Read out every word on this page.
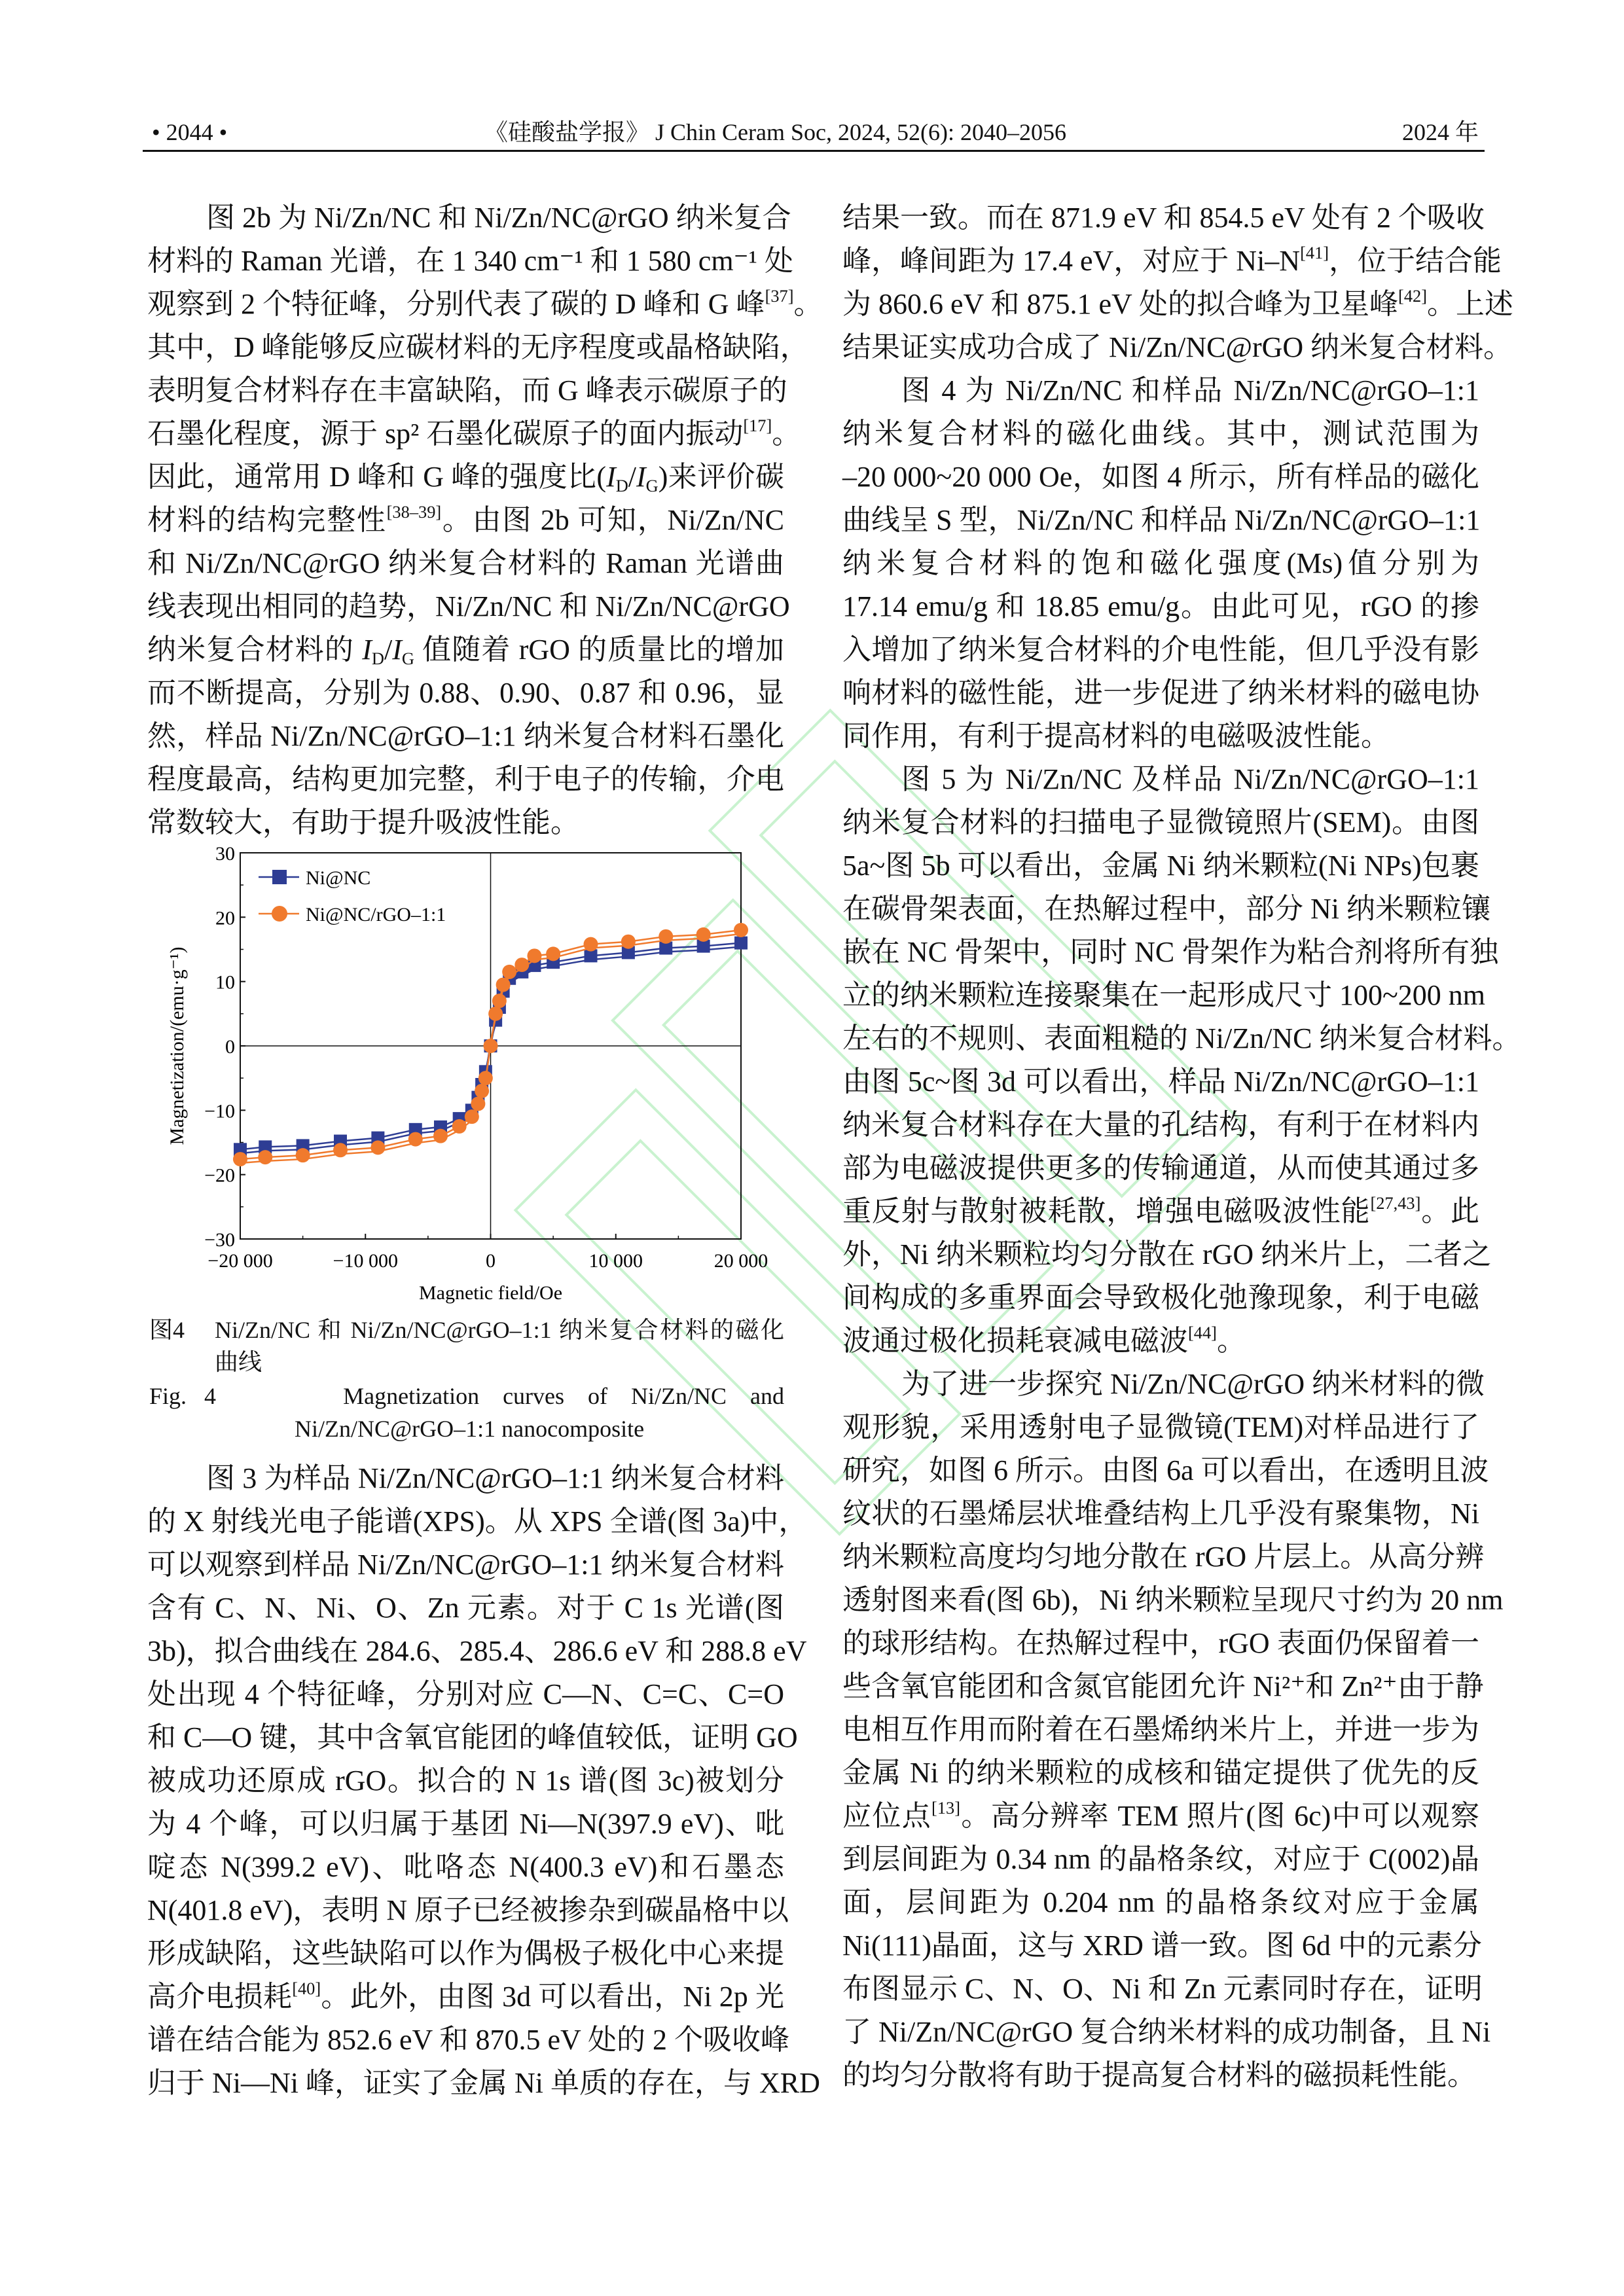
• 2044 •	《硅酸盐学报》 J Chin Ceram Soc, 2024, 52(6): 2040–2056	2024 年
图 2b 为 Ni/Zn/NC 和 Ni/Zn/NC@rGO 纳米复合
材料的 Raman 光谱，在 1 340 cm⁻¹ 和 1 580 cm⁻¹ 处
观察到 2 个特征峰，分别代表了碳的 D 峰和 G 峰[37]。
其中，D 峰能够反应碳材料的无序程度或晶格缺陷，
表明复合材料存在丰富缺陷，而 G 峰表示碳原子的
石墨化程度，源于 sp² 石墨化碳原子的面内振动[17]。
因此，通常用 D 峰和 G 峰的强度比$(I_D/I_G)$来评价碳
材料的结构完整性[38–39]。由图 2b 可知，Ni/Zn/NC
和 Ni/Zn/NC@rGO 纳米复合材料的 Raman 光谱曲
线表现出相同的趋势，Ni/Zn/NC 和 Ni/Zn/NC@rGO
纳米复合材料的 $I_D/I_G$ 值随着 rGO 的质量比的增加
而不断提高，分别为 0.88、0.90、0.87 和 0.96，显
然，样品 Ni/Zn/NC@rGO–1:1 纳米复合材料石墨化
程度最高，结构更加完整，利于电子的传输，介电
常数较大，有助于提升吸波性能。
−30
−20
−10
0
10
20
30
−20 000	−10 000	0	10 000	20 000
Magnetic field/Oe
Magnetization/(emu·g⁻¹)
Ni@NC
Ni@NC/rGO–1:1
图4 Ni/Zn/NC 和 Ni/Zn/NC@rGO–1:1 纳米复合材料的磁化
曲线
Fig.   4	Magnetization    curves    of    Ni/Zn/NC    and
Ni/Zn/NC@rGO–1:1 nanocomposite
图 3 为样品 Ni/Zn/NC@rGO–1:1 纳米复合材料
的 X 射线光电子能谱(XPS)。从 XPS 全谱(图 3a)中，
可以观察到样品 Ni/Zn/NC@rGO–1:1 纳米复合材料
含有 C、N、Ni、O、Zn 元素。对于 C 1s 光谱(图
3b)，拟合曲线在 284.6、285.4、286.6 eV 和 288.8 eV
处出现 4 个特征峰，分别对应 C—N、C=C、C=O
和 C—O 键，其中含氧官能团的峰值较低，证明 GO
被成功还原成 rGO。拟合的 N 1s 谱(图 3c)被划分
为 4 个峰，可以归属于基团 Ni—N(397.9 eV)、吡
啶态 N(399.2 eV)、吡咯态 N(400.3 eV)和石墨态
N(401.8 eV)，表明 N 原子已经被掺杂到碳晶格中以
形成缺陷，这些缺陷可以作为偶极子极化中心来提
高介电损耗[40]。此外，由图 3d 可以看出，Ni 2p 光
谱在结合能为 852.6 eV 和 870.5 eV 处的 2 个吸收峰
归于 Ni—Ni 峰，证实了金属 Ni 单质的存在，与 XRD
结果一致。而在 871.9 eV 和 854.5 eV 处有 2 个吸收
峰，峰间距为 17.4 eV，对应于 Ni–N[41]，位于结合能
为 860.6 eV 和 875.1 eV 处的拟合峰为卫星峰[42]。上述
结果证实成功合成了 Ni/Zn/NC@rGO 纳米复合材料。
图 4 为 Ni/Zn/NC 和样品 Ni/Zn/NC@rGO–1:1
纳米复合材料的磁化曲线。其中，测试范围为
–20 000~20 000 Oe，如图 4 所示，所有样品的磁化
曲线呈 S 型，Ni/Zn/NC 和样品 Ni/Zn/NC@rGO–1:1
纳米复合材料的饱和磁化强度(Ms)值分别为
17.14 emu/g 和 18.85 emu/g。由此可见，rGO 的掺
入增加了纳米复合材料的介电性能，但几乎没有影
响材料的磁性能，进一步促进了纳米材料的磁电协
同作用，有利于提高材料的电磁吸波性能。
图 5 为 Ni/Zn/NC 及样品 Ni/Zn/NC@rGO–1:1
纳米复合材料的扫描电子显微镜照片(SEM)。由图
5a~图 5b 可以看出，金属 Ni 纳米颗粒(Ni NPs)包裹
在碳骨架表面，在热解过程中，部分 Ni 纳米颗粒镶
嵌在 NC 骨架中，同时 NC 骨架作为粘合剂将所有独
立的纳米颗粒连接聚集在一起形成尺寸 100~200 nm
左右的不规则、表面粗糙的 Ni/Zn/NC 纳米复合材料。
由图 5c~图 3d 可以看出，样品 Ni/Zn/NC@rGO–1:1
纳米复合材料存在大量的孔结构，有利于在材料内
部为电磁波提供更多的传输通道，从而使其通过多
重反射与散射被耗散，增强电磁吸波性能[27,43]。此
外，Ni 纳米颗粒均匀分散在 rGO 纳米片上，二者之
间构成的多重界面会导致极化弛豫现象，利于电磁
波通过极化损耗衰减电磁波[44]。
为了进一步探究 Ni/Zn/NC@rGO 纳米材料的微
观形貌，采用透射电子显微镜(TEM)对样品进行了
研究，如图 6 所示。由图 6a 可以看出，在透明且波
纹状的石墨烯层状堆叠结构上几乎没有聚集物，Ni
纳米颗粒高度均匀地分散在 rGO 片层上。从高分辨
透射图来看(图 6b)，Ni 纳米颗粒呈现尺寸约为 20 nm
的球形结构。在热解过程中，rGO 表面仍保留着一
些含氧官能团和含氮官能团允许 Ni²⁺和 Zn²⁺由于静
电相互作用而附着在石墨烯纳米片上，并进一步为
金属 Ni 的纳米颗粒的成核和锚定提供了优先的反
应位点[13]。高分辨率 TEM 照片(图 6c)中可以观察
到层间距为 0.34 nm 的晶格条纹，对应于 C(002)晶
面，层间距为 0.204 nm 的晶格条纹对应于金属
Ni(111)晶面，这与 XRD 谱一致。图 6d 中的元素分
布图显示 C、N、O、Ni 和 Zn 元素同时存在，证明
了 Ni/Zn/NC@rGO 复合纳米材料的成功制备，且 Ni
的均匀分散将有助于提高复合材料的磁损耗性能。
